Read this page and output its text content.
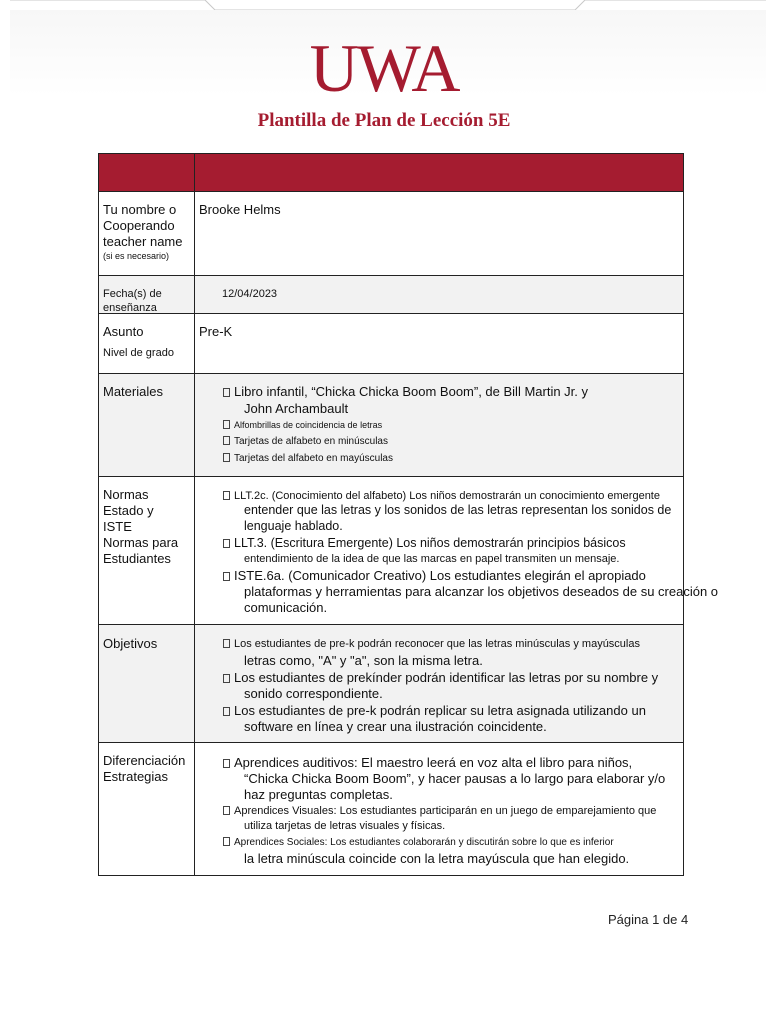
UWA
Plantilla de Plan de Lección 5E
Tu nombre o
Cooperando
teacher name
(si es necesario)
Brooke Helms
Fecha(s) de enseñanza
12/04/2023
Asunto
Nivel de grado
Pre-K
Materiales	Libro infantil, “Chicka Chicka Boom Boom”, de Bill Martin Jr. y
John Archambault
Alfombrillas de coincidencia de letras
Tarjetas de alfabeto en minúsculas
Tarjetas del alfabeto en mayúsculas
Normas
Estado y
ISTE
Normas para
Estudiantes
LLT.2c. (Conocimiento del alfabeto) Los niños demostrarán un conocimiento emergente
entender que las letras y los sonidos de las letras representan los sonidos de
lenguaje hablado.
LLT.3. (Escritura Emergente) Los niños demostrarán principios básicos
entendimiento de la idea de que las marcas en papel transmiten un mensaje.
ISTE.6a. (Comunicador Creativo) Los estudiantes elegirán el apropiado
plataformas y herramientas para alcanzar los objetivos deseados de su creación o
comunicación.
Objetivos	Los estudiantes de pre-k podrán reconocer que las letras minúsculas y mayúsculas
letras como, "A" y "a", son la misma letra.
Los estudiantes de prekínder podrán identificar las letras por su nombre y
sonido correspondiente.
Los estudiantes de pre-k podrán replicar su letra asignada utilizando un
software en línea y crear una ilustración coincidente.
Diferenciación
Estrategias
Aprendices auditivos: El maestro leerá en voz alta el libro para niños,
“Chicka Chicka Boom Boom”, y hacer pausas a lo largo para elaborar y/o
haz preguntas completas.
Aprendices Visuales: Los estudiantes participarán en un juego de emparejamiento que
utiliza tarjetas de letras visuales y físicas.
Aprendices Sociales: Los estudiantes colaborarán y discutirán sobre lo que es inferior
la letra minúscula coincide con la letra mayúscula que han elegido.
Página 1 de 4
